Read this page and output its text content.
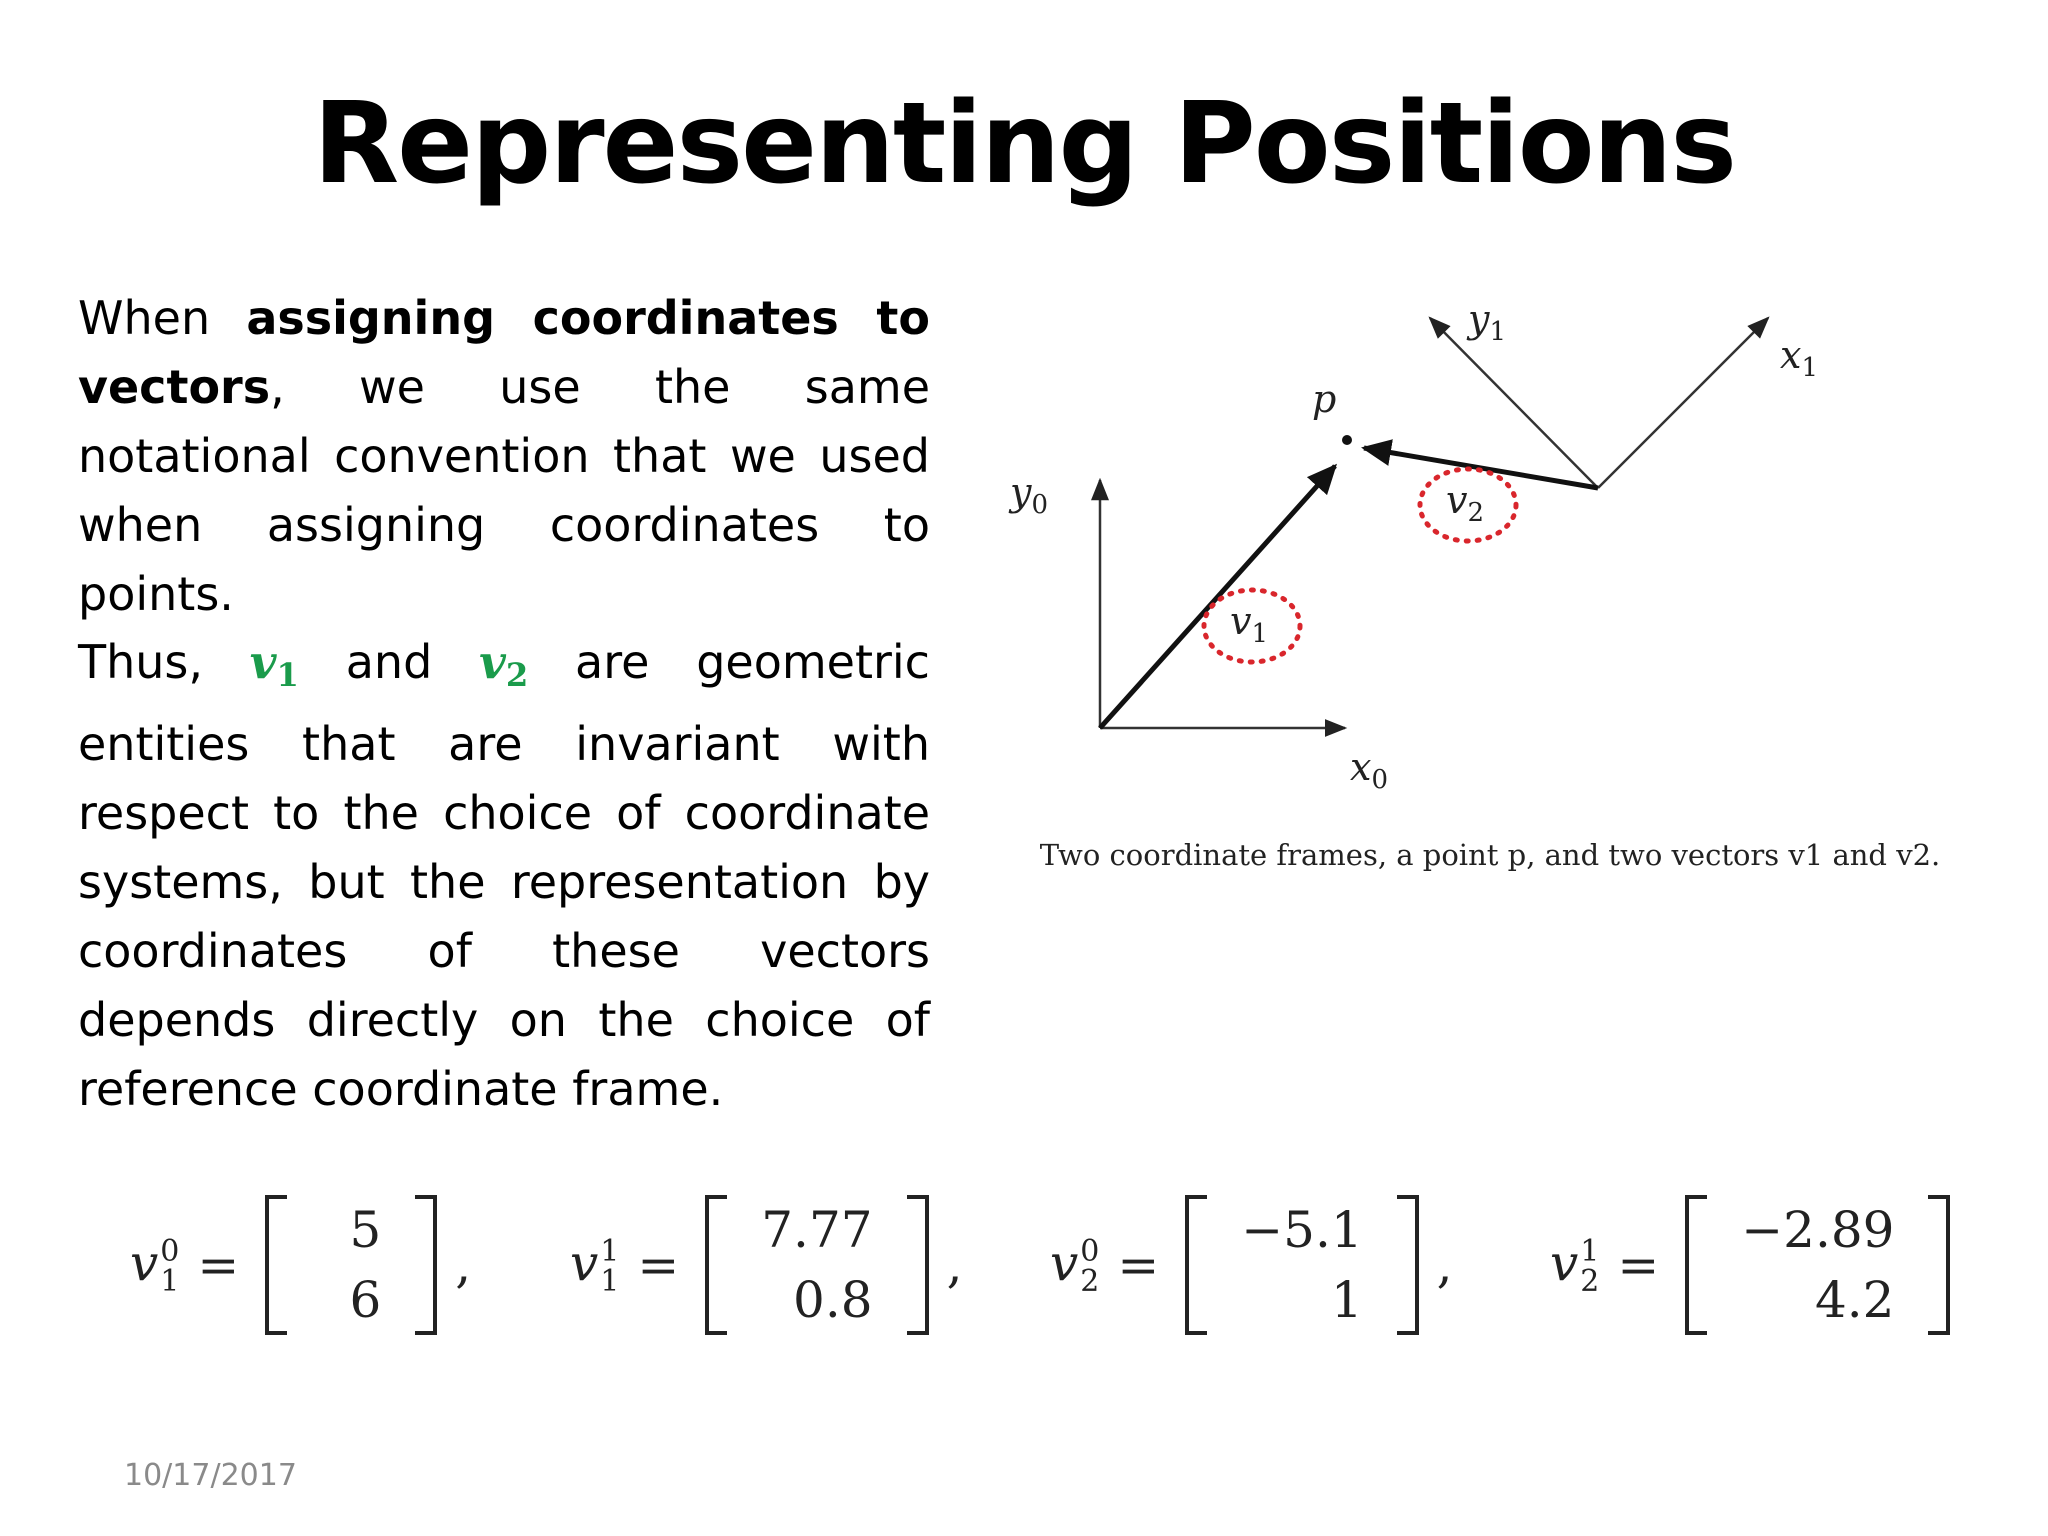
Representing Positions
When assigning coordinates to vectors, we use the same notational convention that we used when assigning coordinates to points.
Thus, $v_1$ and $v_2$ are geometric entities that are invariant with respect to the choice of coordinate systems, but the representation by coordinates of these vectors depends directly on the choice of reference coordinate frame.
$y_0$
$x_0$
$y_1$
$x_1$
p
$v_1$
$v_2$
Two coordinate frames, a point p, and two vectors v1 and v2.
v0
1 =
5
6
, v1
1 =
7.77
0.8
, v0
2 =
−5.1
1
, v1
2 =
−2.89
4.2
10/17/2017
